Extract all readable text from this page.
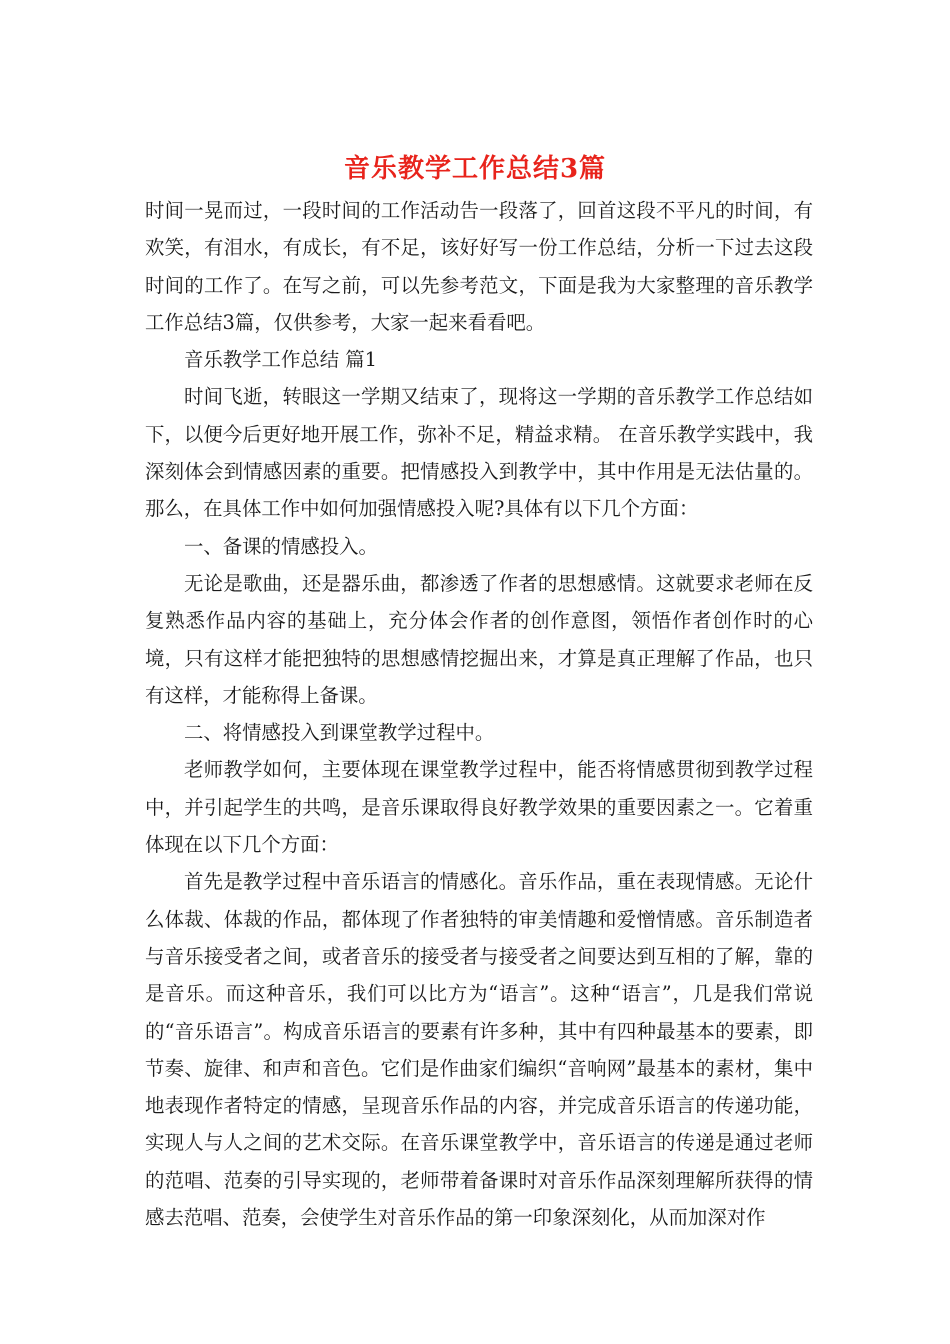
音乐教学工作总结3篇

时间一晃而过，一段时间的工作活动告一段落了，回首这段不平凡的时间，有欢笑，有泪水，有成长，有不足，该好好写一份工作总结，分析一下过去这段时间的工作了。在写之前，可以先参考范文，下面是我为大家整理的音乐教学工作总结3篇，仅供参考，大家一起来看看吧。

音乐教学工作总结 篇1

时间飞逝，转眼这一学期又结束了，现将这一学期的音乐教学工作总结如下，以便今后更好地开展工作，弥补不足，精益求精。 在音乐教学实践中，我深刻体会到情感因素的重要。把情感投入到教学中，其中作用是无法估量的。那么，在具体工作中如何加强情感投入呢?具体有以下几个方面：

一、备课的情感投入。

无论是歌曲，还是器乐曲，都渗透了作者的思想感情。这就要求老师在反复熟悉作品内容的基础上，充分体会作者的创作意图，领悟作者创作时的心境，只有这样才能把独特的思想感情挖掘出来，才算是真正理解了作品，也只有这样，才能称得上备课。

二、将情感投入到课堂教学过程中。

老师教学如何，主要体现在课堂教学过程中，能否将情感贯彻到教学过程中，并引起学生的共鸣，是音乐课取得良好教学效果的重要因素之一。它着重体现在以下几个方面：

首先是教学过程中音乐语言的情感化。音乐作品，重在表现情感。无论什么体裁、体裁的作品，都体现了作者独特的审美情趣和爱憎情感。音乐制造者与音乐接受者之间，或者音乐的接受者与接受者之间要达到互相的了解，靠的是音乐。而这种音乐，我们可以比方为“语言”。这种“语言”，几是我们常说的“音乐语言”。构成音乐语言的要素有许多种，其中有四种最基本的要素，即节奏、旋律、和声和音色。它们是作曲家们编织“音响网”最基本的素材，集中地表现作者特定的情感，呈现音乐作品的内容，并完成音乐语言的传递功能，实现人与人之间的艺术交际。在音乐课堂教学中，音乐语言的传递是通过老师的范唱、范奏的引导实现的，老师带着备课时对音乐作品深刻理解所获得的情感去范唱、范奏，会使学生对音乐作品的第一印象深刻化，从而加深对作
